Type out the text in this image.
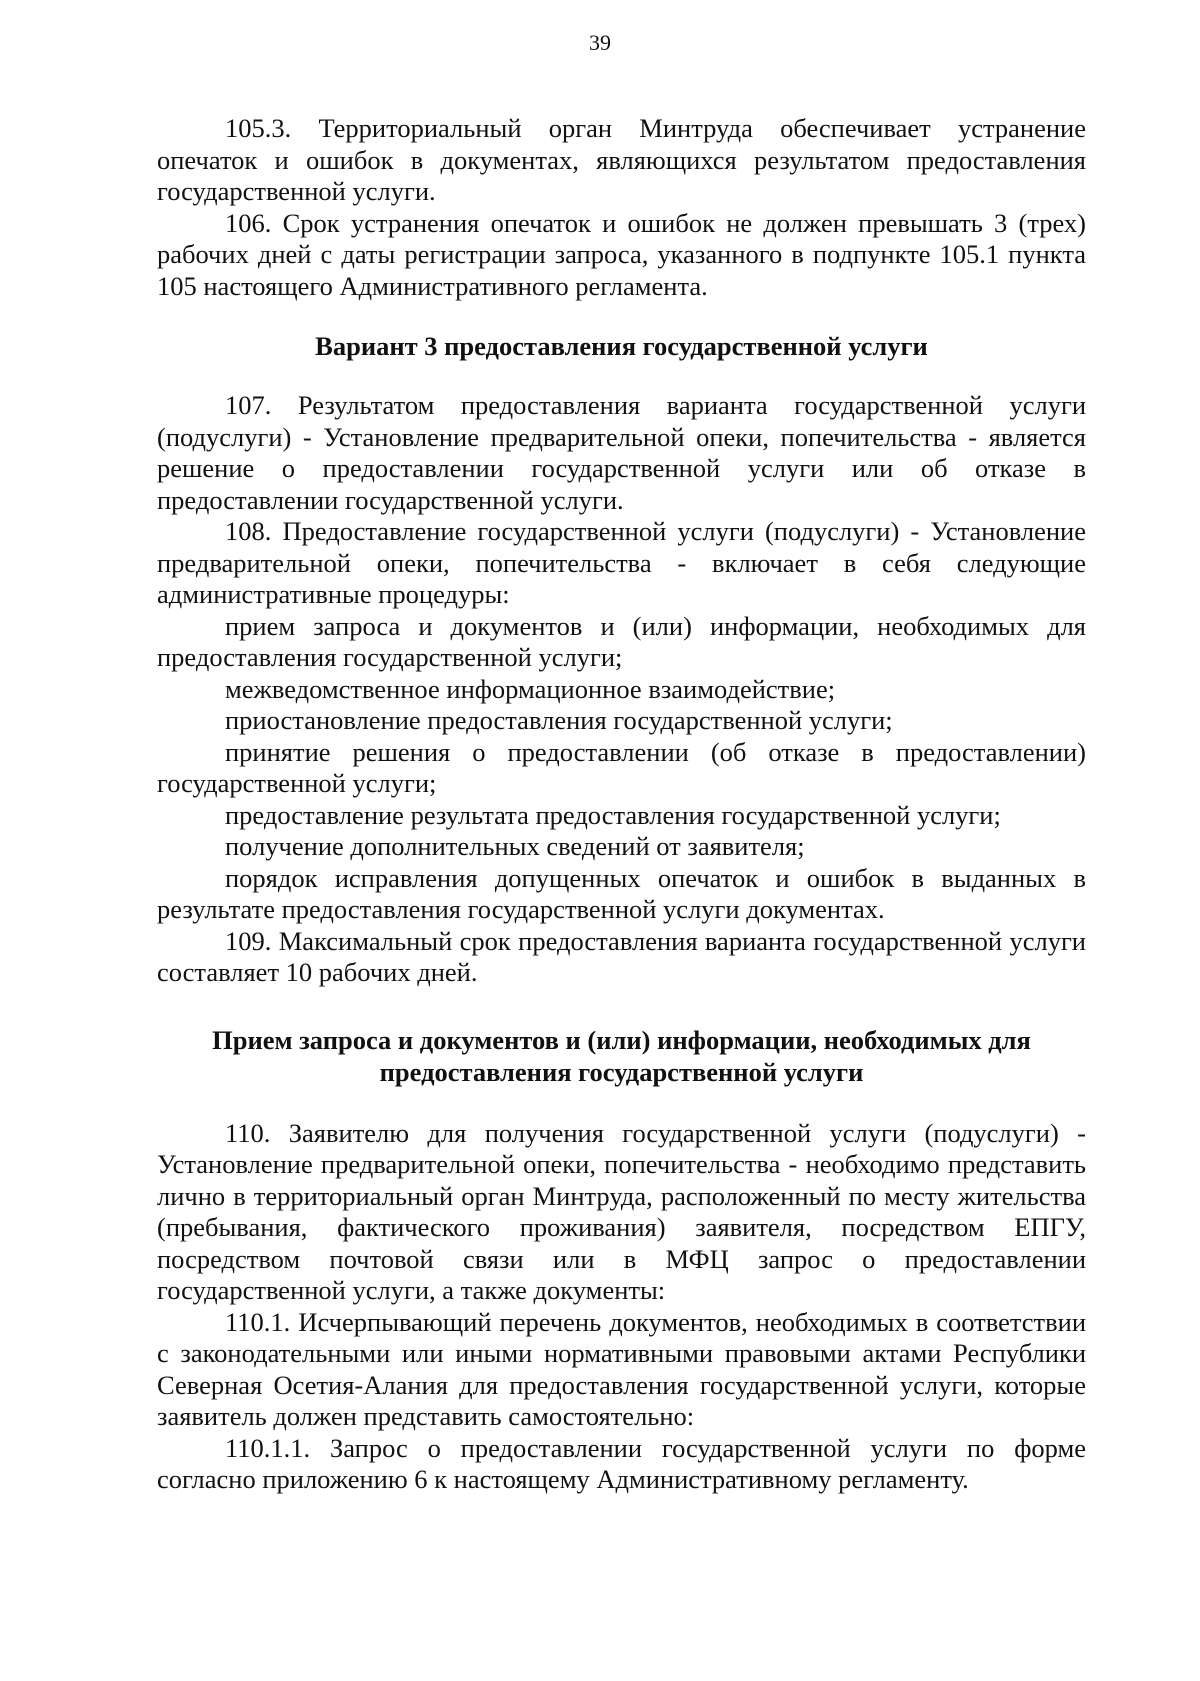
39

105.3. Территориальный орган Минтруда обеспечивает устранение опечаток и ошибок в документах, являющихся результатом предоставления государственной услуги.

106. Срок устранения опечаток и ошибок не должен превышать 3 (трех) рабочих дней с даты регистрации запроса, указанного в подпункте 105.1 пункта 105 настоящего Административного регламента.

Вариант 3 предоставления государственной услуги

107. Результатом предоставления варианта государственной услуги (подуслуги) - Установление предварительной опеки, попечительства - является решение о предоставлении государственной услуги или об отказе в предоставлении государственной услуги.

108. Предоставление государственной услуги (подуслуги) - Установление предварительной опеки, попечительства - включает в себя следующие административные процедуры:

прием запроса и документов и (или) информации, необходимых для предоставления государственной услуги;

межведомственное информационное взаимодействие;

приостановление предоставления государственной услуги;

принятие решения о предоставлении (об отказе в предоставлении) государственной услуги;

предоставление результата предоставления государственной услуги;

получение дополнительных сведений от заявителя;

порядок исправления допущенных опечаток и ошибок в выданных в результате предоставления государственной услуги документах.

109. Максимальный срок предоставления варианта государственной услуги составляет 10 рабочих дней.

Прием запроса и документов и (или) информации, необходимых для предоставления государственной услуги

110. Заявителю для получения государственной услуги (подуслуги) - Установление предварительной опеки, попечительства - необходимо представить лично в территориальный орган Минтруда, расположенный по месту жительства (пребывания, фактического проживания) заявителя, посредством ЕПГУ, посредством почтовой связи или в МФЦ запрос о предоставлении государственной услуги, а также документы:

110.1. Исчерпывающий перечень документов, необходимых в соответствии с законодательными или иными нормативными правовыми актами Республики Северная Осетия-Алания для предоставления государственной услуги, которые заявитель должен представить самостоятельно:

110.1.1. Запрос о предоставлении государственной услуги по форме согласно приложению 6 к настоящему Административному регламенту.
